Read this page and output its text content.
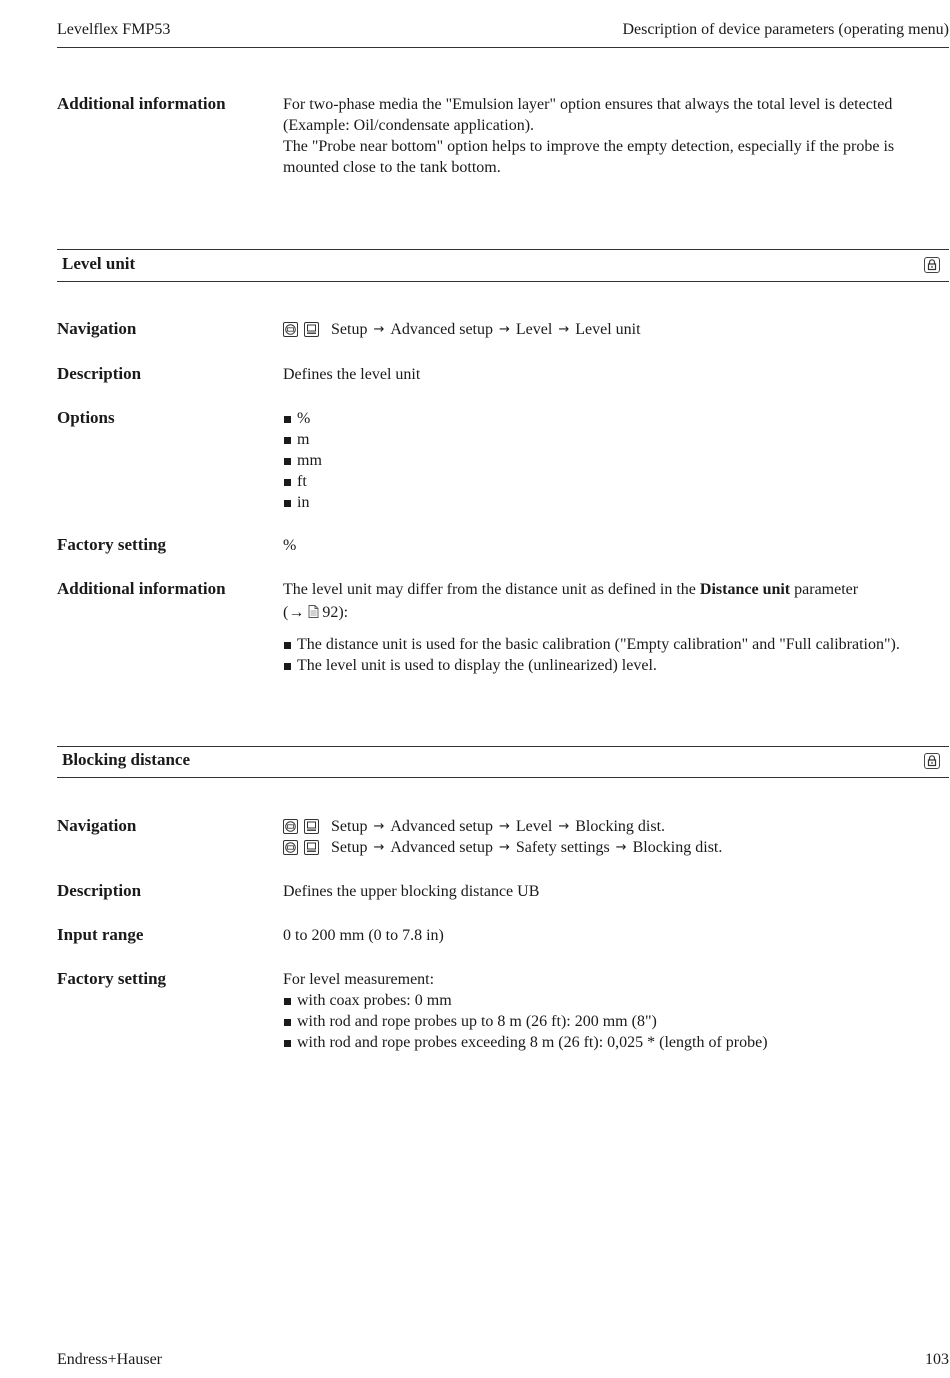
Levelflex FMP53	Description of device parameters (operating menu)
Additional information	For two-phase media the "Emulsion layer" option ensures that always the total level is detected

(Example: Oil/condensate application).

The "Probe near bottom" option helps to improve the empty detection, especially if the probe is

mounted close to the tank bottom.

Level unit
Navigation	Setup → Advanced setup → Level → Level unit
Description	Defines the level unit
Options	%
m
mm
ft
in
Factory setting	%
Additional information	The level unit may differ from the distance unit as defined in the Distance unit parameter

(→ 92):

The distance unit is used for the basic calibration ("Empty calibration" and "Full calibration").
The level unit is used to display the (unlinearized) level.
Blocking distance
Navigation	Setup → Advanced setup → Level → Blocking dist.
Setup → Advanced setup → Safety settings → Blocking dist.
Description	Defines the upper blocking distance UB
Input range	0 to 200 mm (0 to 7.8 in)
Factory setting	For level measurement:

with coax probes: 0 mm
with rod and rope probes up to 8 m (26 ft): 200 mm (8")
with rod and rope probes exceeding 8 m (26 ft): 0,025 * (length of probe)
Endress+Hauser	103
